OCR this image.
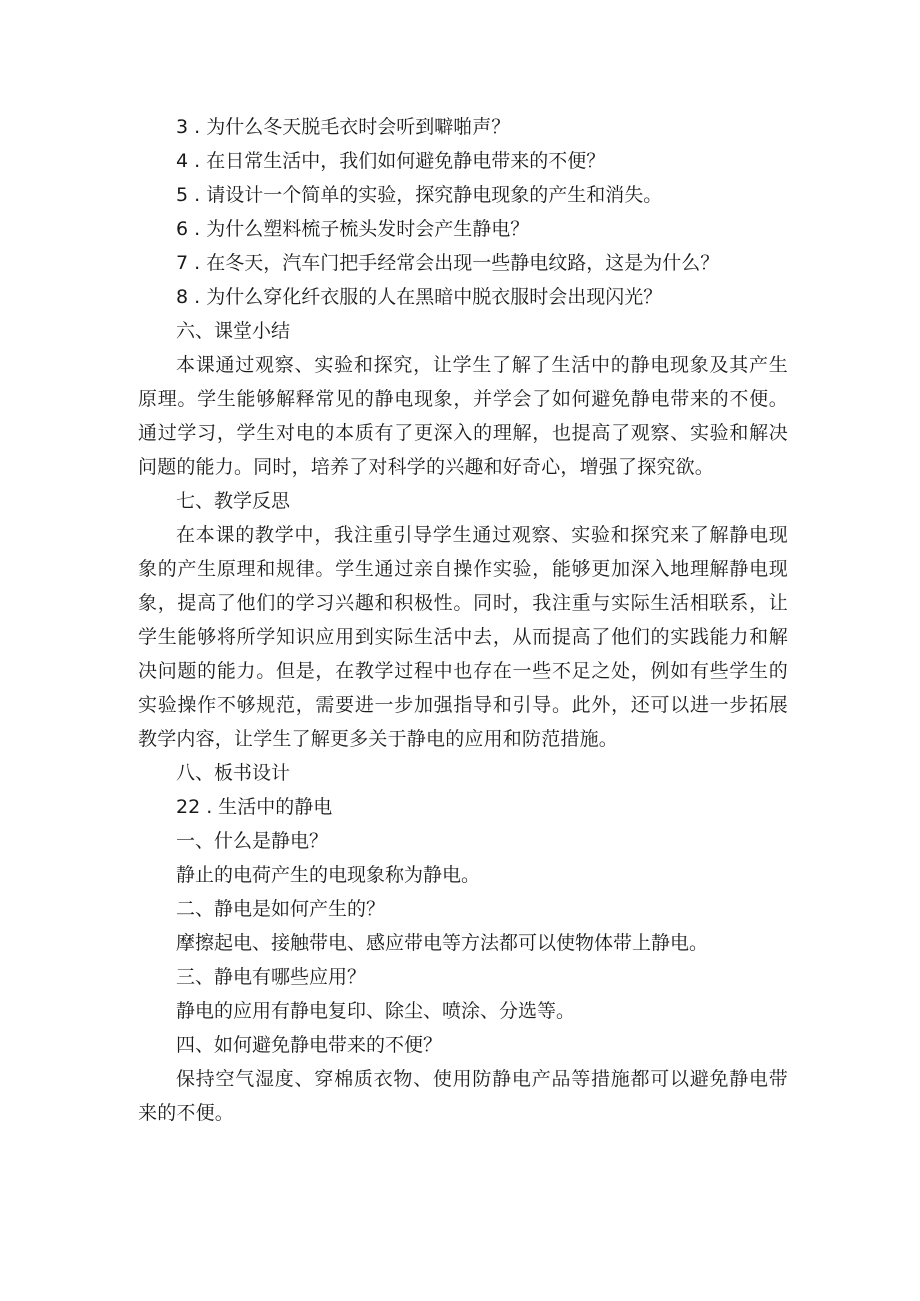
3 . 为什么冬天脱毛衣时会听到噼啪声？

4 . 在日常生活中，我们如何避免静电带来的不便？

5 . 请设计一个简单的实验，探究静电现象的产生和消失。

6 . 为什么塑料梳子梳头发时会产生静电？

7 . 在冬天，汽车门把手经常会出现一些静电纹路，这是为什么？

8 . 为什么穿化纤衣服的人在黑暗中脱衣服时会出现闪光？

六、课堂小结

本课通过观察、实验和探究，让学生了解了生活中的静电现象及其产生原理。学生能够解释常见的静电现象，并学会了如何避免静电带来的不便。通过学习，学生对电的本质有了更深入的理解，也提高了观察、实验和解决问题的能力。同时，培养了对科学的兴趣和好奇心，增强了探究欲。

七、教学反思

在本课的教学中，我注重引导学生通过观察、实验和探究来了解静电现象的产生原理和规律。学生通过亲自操作实验，能够更加深入地理解静电现象，提高了他们的学习兴趣和积极性。同时，我注重与实际生活相联系，让学生能够将所学知识应用到实际生活中去，从而提高了他们的实践能力和解决问题的能力。但是，在教学过程中也存在一些不足之处，例如有些学生的实验操作不够规范，需要进一步加强指导和引导。此外，还可以进一步拓展教学内容，让学生了解更多关于静电的应用和防范措施。

八、板书设计

22 . 生活中的静电

一、什么是静电？

静止的电荷产生的电现象称为静电。

二、静电是如何产生的？

摩擦起电、接触带电、感应带电等方法都可以使物体带上静电。

三、静电有哪些应用？

静电的应用有静电复印、除尘、喷涂、分选等。

四、如何避免静电带来的不便？

保持空气湿度、穿棉质衣物、使用防静电产品等措施都可以避免静电带来的不便。
